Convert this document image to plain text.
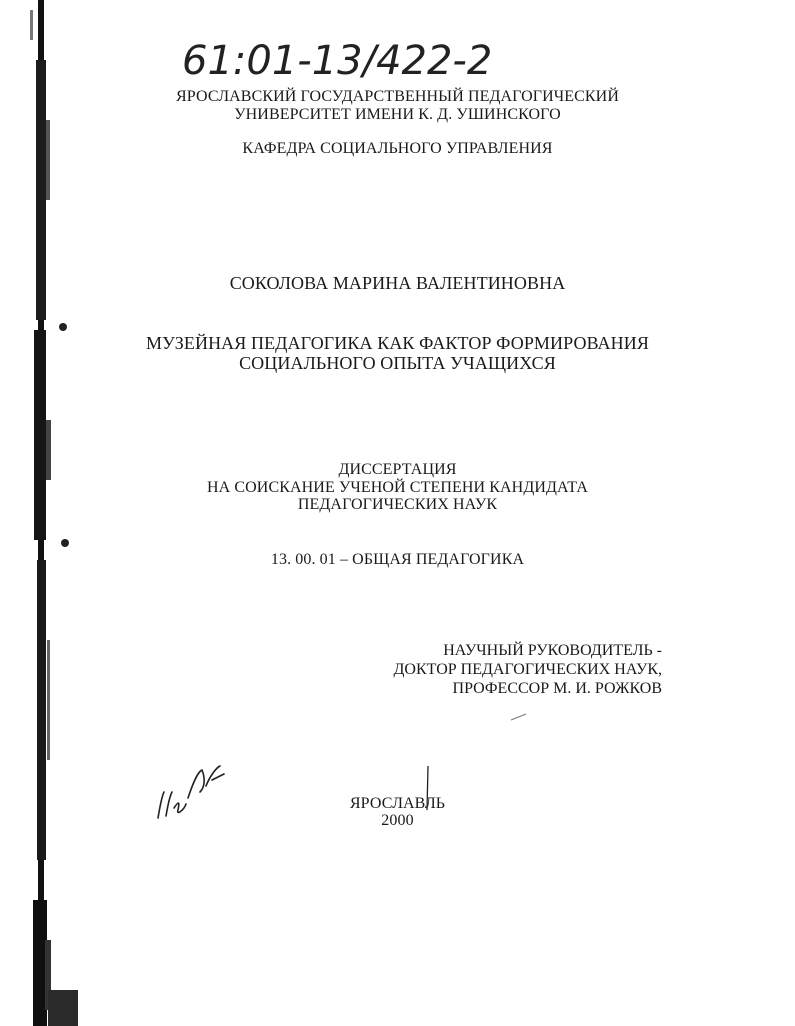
61:01-13/422-2
ЯРОСЛАВСКИЙ ГОСУДАРСТВЕННЫЙ ПЕДАГОГИЧЕСКИЙ
УНИВЕРСИТЕТ ИМЕНИ К. Д. УШИНСКОГО
КАФЕДРА СОЦИАЛЬНОГО УПРАВЛЕНИЯ
СОКОЛОВА МАРИНА ВАЛЕНТИНОВНА
МУЗЕЙНАЯ ПЕДАГОГИКА КАК ФАКТОР ФОРМИРОВАНИЯ
СОЦИАЛЬНОГО ОПЫТА УЧАЩИХСЯ
ДИССЕРТАЦИЯ
НА СОИСКАНИЕ УЧЕНОЙ СТЕПЕНИ КАНДИДАТА
ПЕДАГОГИЧЕСКИХ НАУК
13. 00. 01 – ОБЩАЯ ПЕДАГОГИКА
НАУЧНЫЙ РУКОВОДИТЕЛЬ -
ДОКТОР ПЕДАГОГИЧЕСКИХ НАУК,
ПРОФЕССОР М. И. РОЖКОВ
ЯРОСЛАВЛЬ
2000
